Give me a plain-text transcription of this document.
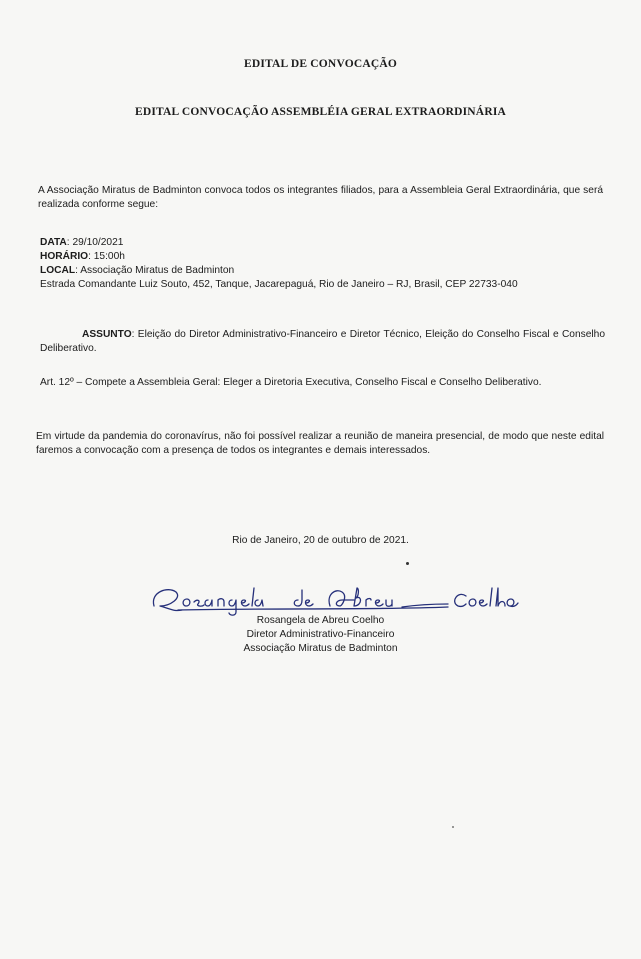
EDITAL DE CONVOCAÇÃO
EDITAL CONVOCAÇÃO ASSEMBLÉIA GERAL EXTRAORDINÁRIA
A Associação Miratus de Badminton convoca todos os integrantes filiados, para a Assembleia Geral Extraordinária, que será realizada conforme segue:
DATA: 29/10/2021
HORÁRIO: 15:00h
LOCAL: Associação Miratus de Badminton
Estrada Comandante Luiz Souto, 452, Tanque, Jacarepaguá, Rio de Janeiro – RJ, Brasil, CEP 22733-040
ASSUNTO: Eleição do Diretor Administrativo-Financeiro e Diretor Técnico, Eleição do Conselho Fiscal e Conselho Deliberativo.
Art. 12º – Compete a Assembleia Geral: Eleger a Diretoria Executiva, Conselho Fiscal e Conselho Deliberativo.
Em virtude da pandemia do coronavírus, não foi possível realizar a reunião de maneira presencial, de modo que neste edital faremos a convocação com a presença de todos os integrantes e demais interessados.
Rio de Janeiro, 20 de outubro de 2021.
Rosangela de Abreu Coelho
Diretor Administrativo-Financeiro
Associação Miratus de Badminton
